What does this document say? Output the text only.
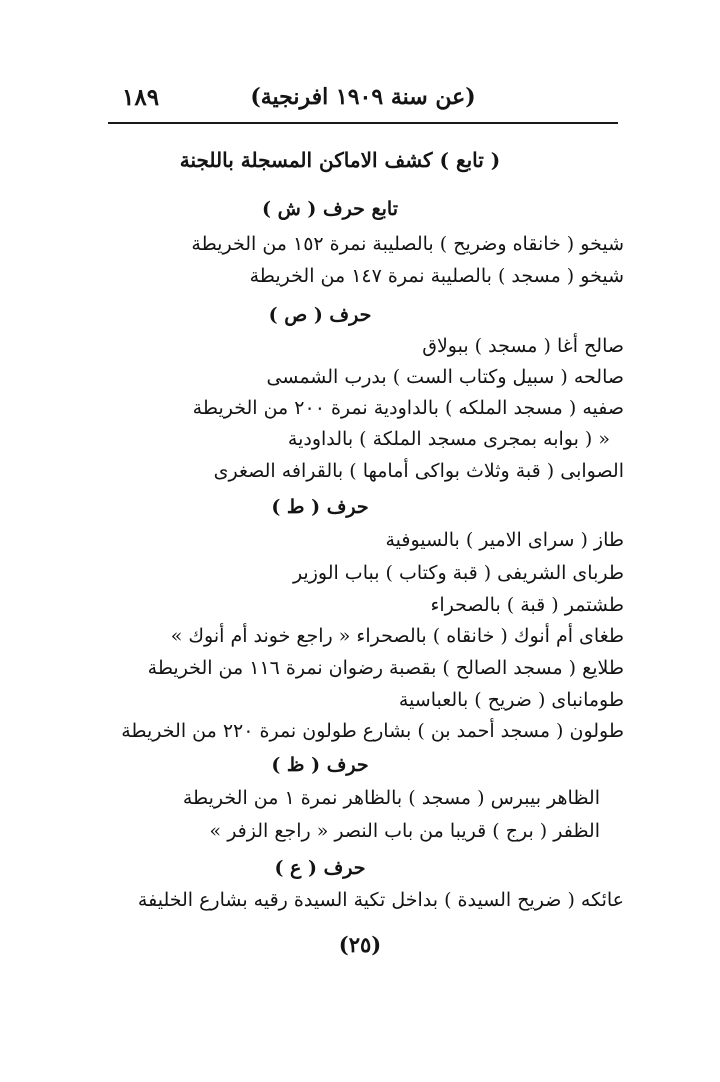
١٨٩	(عن سنة ١٩٠٩ افرنجية)
( تابع ) كشف الاماكن المسجلة باللجنة
تابع حرف ( ش )
شيخو ( خانقاه وضريح ) بالصليبة نمرة ١٥٢ من الخريطة
شيخو ( مسجد ) بالصليبة نمرة ١٤٧ من الخريطة
حرف ( ص )
صالح أغا ( مسجد ) ببولاق
صالحه ( سبيل وكتاب الست ) بدرب الشمسى
صفيه ( مسجد الملكه ) بالداودية نمرة ٢٠٠ من الخريطة
« ( بوابه بمجرى مسجد الملكة ) بالداودية
الصوابى ( قبة وثلاث بواكى أمامها ) بالقرافه الصغرى
حرف ( ط )
طاز ( سراى الامير ) بالسيوفية
طرباى الشريفى ( قبة وكتاب ) بباب الوزير
طشتمر ( قبة ) بالصحراء
طغاى أم أنوك ( خانقاه ) بالصحراء « راجع خوند أم أنوك »
طلايع ( مسجد الصالح ) بقصبة رضوان نمرة ١١٦ من الخريطة
طومانباى ( ضريح ) بالعباسية
طولون ( مسجد أحمد بن ) بشارع طولون نمرة ٢٢٠ من الخريطة
حرف ( ظ )
الظاهر بيبرس ( مسجد ) بالظاهر نمرة ١ من الخريطة
الظفر ( برج ) قريبا من باب النصر « راجع الزفر »
حرف ( ع )
عائكه ( ضريح السيدة ) بداخل تكية السيدة رقيه بشارع الخليفة
(٢٥)
